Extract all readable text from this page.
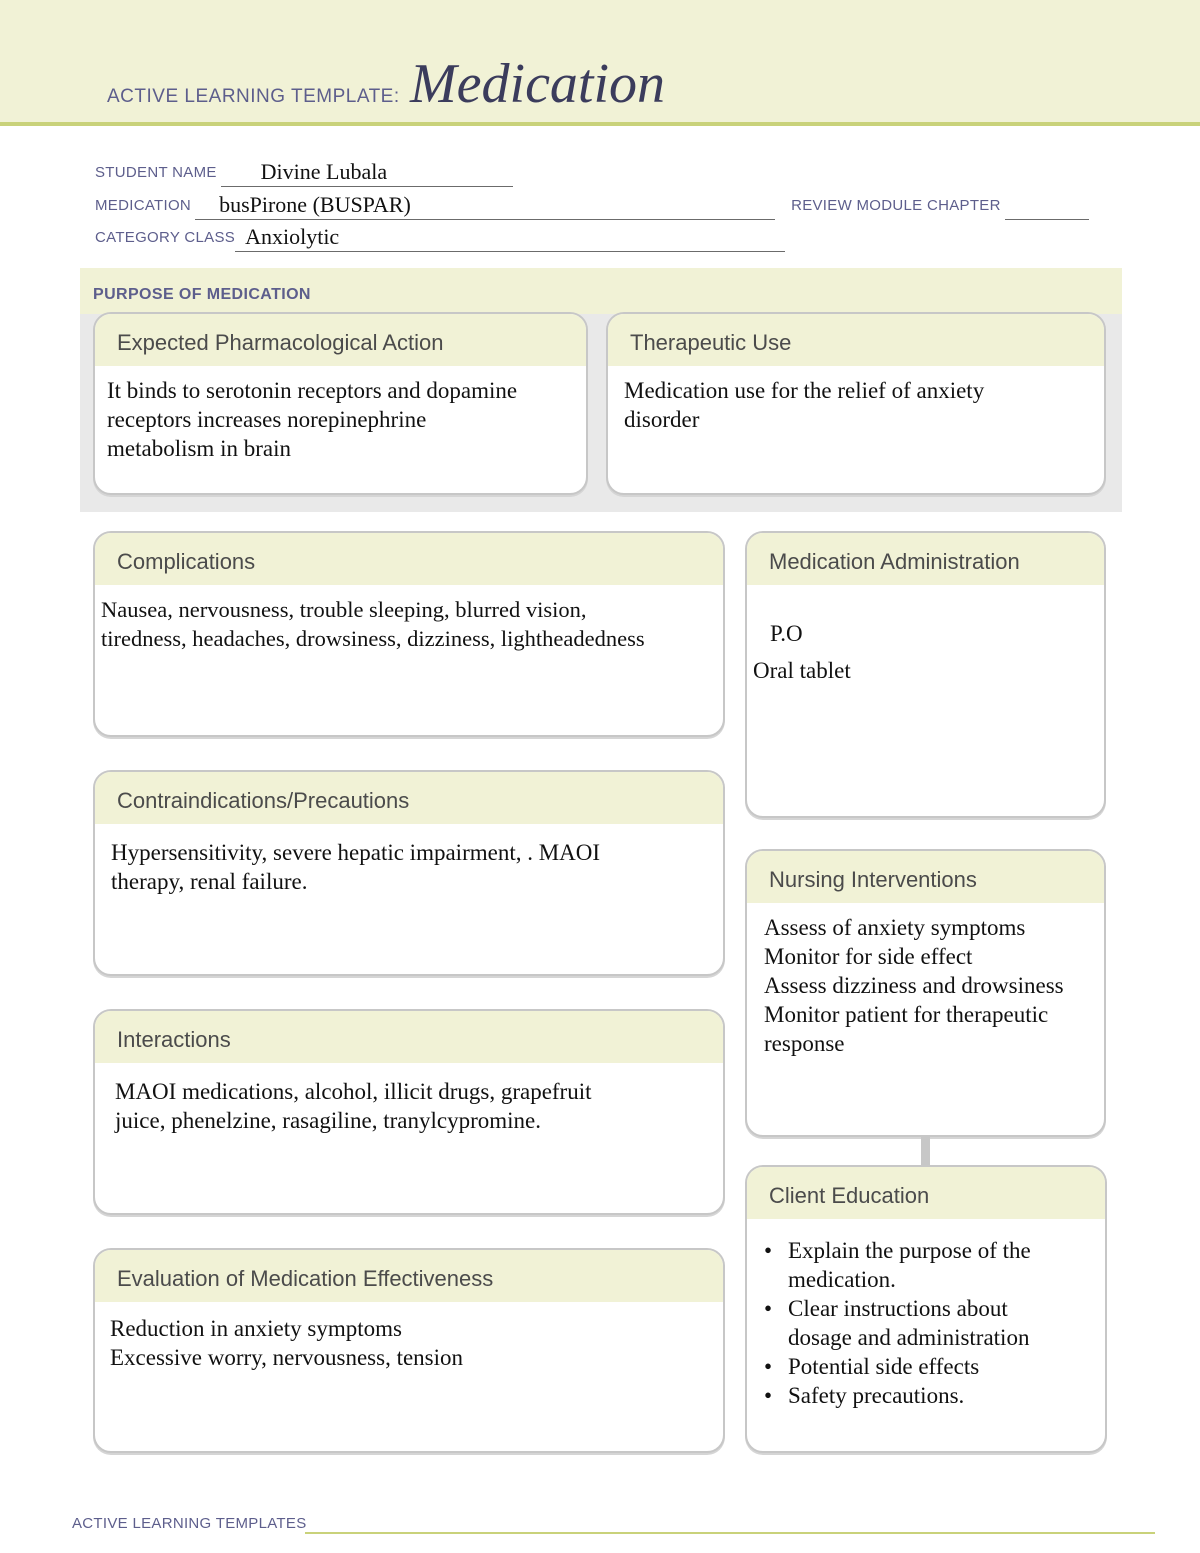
ACTIVE LEARNING TEMPLATE: Medication
STUDENT NAME Divine Lubala
MEDICATION busPirone (BUSPAR)	REVIEW MODULE CHAPTER
CATEGORY CLASS Anxiolytic
PURPOSE OF MEDICATION
Expected Pharmacological Action
It binds to serotonin receptors and dopamine
receptors increases norepinephrine
metabolism in brain
Therapeutic Use
Medication use for the relief of anxiety
disorder
Complications
Nausea, nervousness, trouble sleeping, blurred vision,
tiredness, headaches, drowsiness, dizziness, lightheadedness
Medication Administration
P.O
Oral tablet
Contraindications/Precautions
Hypersensitivity, severe hepatic impairment, . MAOI
therapy, renal failure.	Nursing Interventions
Assess of anxiety symptoms
Monitor for side effect
Assess dizziness and drowsiness
Monitor patient for therapeutic
response
Interactions
MAOI medications, alcohol, illicit drugs, grapefruit
juice, phenelzine, rasagiline, tranylcypromine.
Client Education
• Explain the purpose of the
medication.
• Clear instructions about
dosage and administration
• Potential side effects
• Safety precautions.
Evaluation of Medication Effectiveness
Reduction in anxiety symptoms
Excessive worry, nervousness, tension
ACTIVE LEARNING TEMPLATES
